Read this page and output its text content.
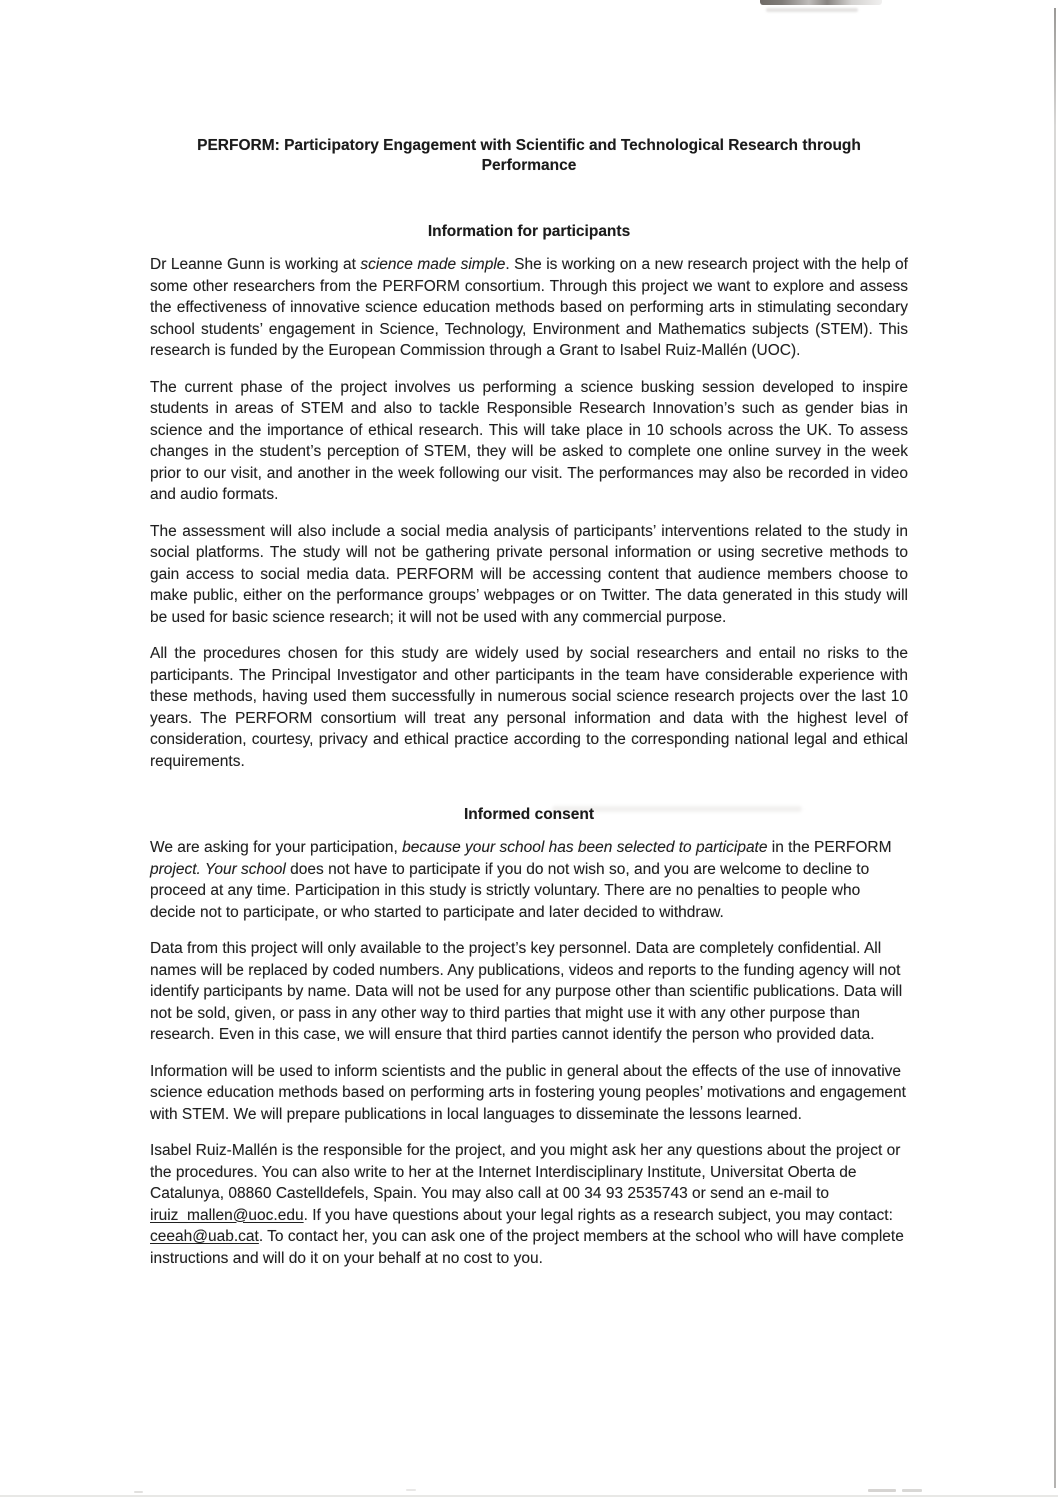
PERFORM: Participatory Engagement with Scientific and Technological Research through Performance
Information for participants

Dr Leanne Gunn is working at science made simple. She is working on a new research project with the help of some other researchers from the PERFORM consortium. Through this project we want to explore and assess the effectiveness of innovative science education methods based on performing arts in stimulating secondary school students’ engagement in Science, Technology, Environment and Mathematics subjects (STEM). This research is funded by the European Commission through a Grant to Isabel Ruiz-Mallén (UOC).

The current phase of the project involves us performing a science busking session developed to inspire students in areas of STEM and also to tackle Responsible Research Innovation’s such as gender bias in science and the importance of ethical research. This will take place in 10 schools across the UK. To assess changes in the student’s perception of STEM, they will be asked to complete one online survey in the week prior to our visit, and another in the week following our visit. The performances may also be recorded in video and audio formats.

The assessment will also include a social media analysis of participants’ interventions related to the study in social platforms. The study will not be gathering private personal information or using secretive methods to gain access to social media data. PERFORM will be accessing content that audience members choose to make public, either on the performance groups’ webpages or on Twitter. The data generated in this study will be used for basic science research; it will not be used with any commercial purpose.

All the procedures chosen for this study are widely used by social researchers and entail no risks to the participants. The Principal Investigator and other participants in the team have considerable experience with these methods, having used them successfully in numerous social science research projects over the last 10 years. The PERFORM consortium will treat any personal information and data with the highest level of consideration, courtesy, privacy and ethical practice according to the corresponding national legal and ethical requirements.

Informed consent

We are asking for your participation, because your school has been selected to participate in the PERFORM project. Your school does not have to participate if you do not wish so, and you are welcome to decline to proceed at any time. Participation in this study is strictly voluntary. There are no penalties to people who decide not to participate, or who started to participate and later decided to withdraw.

Data from this project will only available to the project’s key personnel. Data are completely confidential. All names will be replaced by coded numbers. Any publications, videos and reports to the funding agency will not identify participants by name. Data will not be used for any purpose other than scientific publications. Data will not be sold, given, or pass in any other way to third parties that might use it with any other purpose than research. Even in this case, we will ensure that third parties cannot identify the person who provided data.

Information will be used to inform scientists and the public in general about the effects of the use of innovative science education methods based on performing arts in fostering young peoples’ motivations and engagement with STEM. We will prepare publications in local languages to disseminate the lessons learned.

Isabel Ruiz-Mallén is the responsible for the project, and you might ask her any questions about the project or the procedures. You can also write to her at the Internet Interdisciplinary Institute, Universitat Oberta de Catalunya, 08860 Castelldefels, Spain. You may also call at 00 34 93 2535743 or send an e-mail to iruiz_mallen@uoc.edu. If you have questions about your legal rights as a research subject, you may contact: ceeah@uab.cat. To contact her, you can ask one of the project members at the school who will have complete instructions and will do it on your behalf at no cost to you.
